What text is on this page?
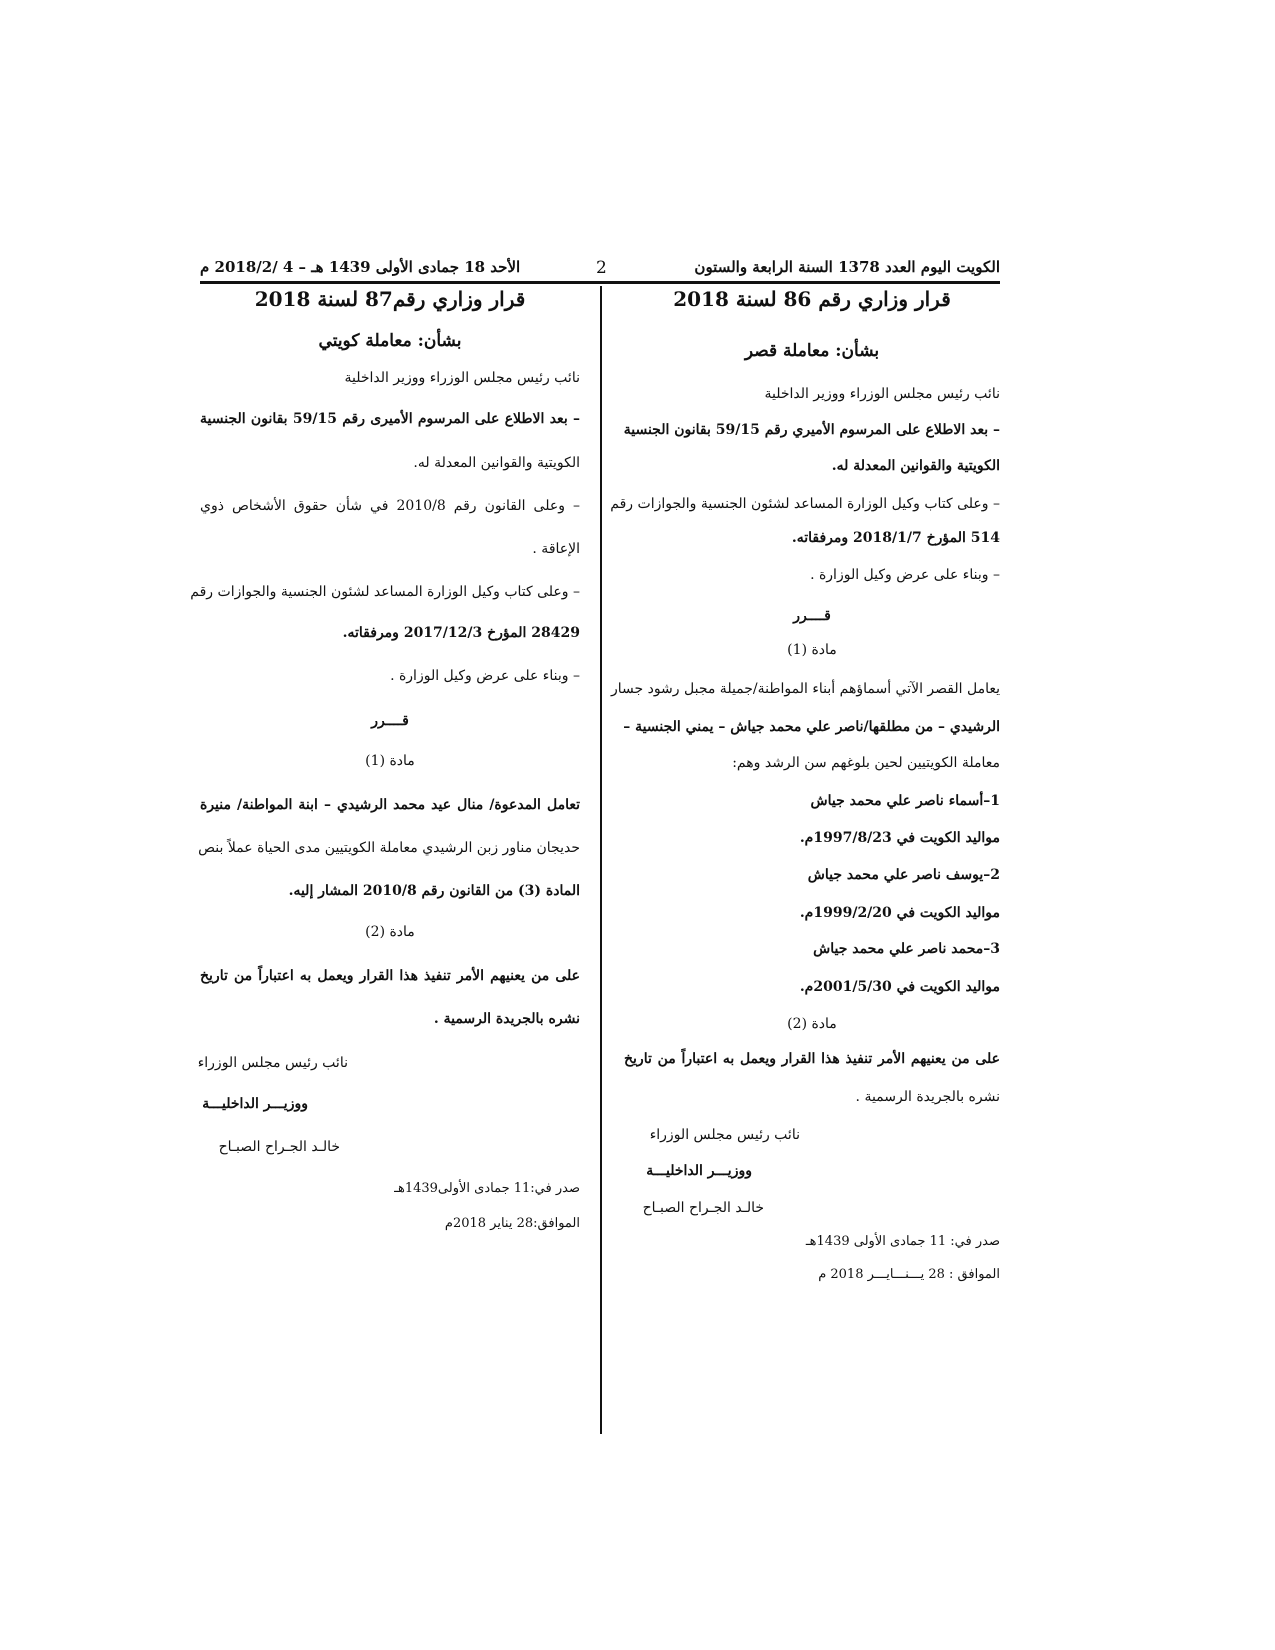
الكويت اليوم العدد 1378 السنة الرابعة والستون
2
الأحد 18 جمادى الأولى 1439 هـ – 4 /2018/2 م
قرار وزاري رقم 86 لسنة 2018
بشأن: معاملة قصر
نائب رئيس مجلس الوزراء ووزير الداخلية
– بعد الاطلاع على المرسوم الأميري رقم 59/15 بقانون الجنسية
الكويتية والقوانين المعدلة له.
– وعلى كتاب وكيل الوزارة المساعد لشئون الجنسية والجوازات رقم
514 المؤرخ 2018/1/7 ومرفقاته.
– وبناء على عرض وكيل الوزارة .
قــــرر
مادة (1)
يعامل القصر الآتي أسماؤهم أبناء المواطنة/جميلة مجبل رشود جسار
الرشيدي – من مطلقها/ناصر علي محمد جياش – يمني الجنسية –
معاملة الكويتيين لحين بلوغهم سن الرشد وهم:
1–أسماء ناصر علي محمد جياش
مواليد الكويت في 1997/8/23م.
2–يوسف ناصر علي محمد جياش
مواليد الكويت في 1999/2/20م.
3–محمد ناصر علي محمد جياش
مواليد الكويت في 2001/5/30م.
مادة (2)
على من يعنيهم الأمر تنفيذ هذا القرار ويعمل به اعتباراً من تاريخ
نشره بالجريدة الرسمية .
نائب رئيس مجلس الوزراء
ووزيـــر الداخليـــة
خالـد الجـراح الصبـاح
صدر في: 11 جمادى الأولى 1439هـ
الموافق : 28 يـــنـــايـــر 2018 م
قرار وزاري رقم87 لسنة 2018
بشأن: معاملة كويتي
نائب رئيس مجلس الوزراء ووزير الداخلية
– بعد الاطلاع على المرسوم الأميرى رقم 59/15 بقانون الجنسية
الكويتية والقوانين المعدلة له.
– وعلى القانون رقم 2010/8 في شأن حقوق الأشخاص ذوي
الإعاقة .
– وعلى كتاب وكيل الوزارة المساعد لشئون الجنسية والجوازات رقم
28429 المؤرخ 2017/12/3 ومرفقاته.
– وبناء على عرض وكيل الوزارة .
قــــرر
مادة (1)
تعامل المدعوة/ منال عيد محمد الرشيدي – ابنة المواطنة/ منيرة
حديجان مناور زبن الرشيدي معاملة الكويتيين مدى الحياة عملاً بنص
المادة (3) من القانون رقم 2010/8 المشار إليه.
مادة (2)
على من يعنيهم الأمر تنفيذ هذا القرار ويعمل به اعتباراً من تاريخ
نشره بالجريدة الرسمية .
نائب رئيس مجلس الوزراء
ووزيـــر الداخليـــة
خالـد الجـراح الصبـاح
صدر في:11 جمادى الأولى1439هـ
الموافق:28 يناير 2018م
